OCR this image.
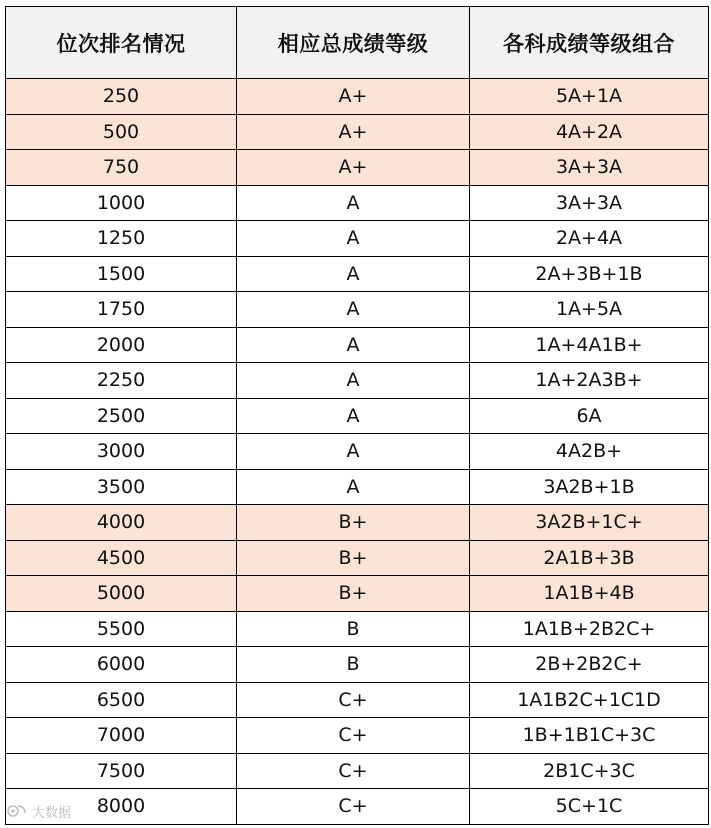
位次排名情况	相应总成绩等级	各科成绩等级组合
250	A+	5A+1A
500	A+	4A+2A
750	A+	3A+3A
1000	A	3A+3A
1250	A	2A+4A
1500	A	2A+3B+1B
1750	A	1A+5A
2000	A	1A+4A1B+
2250	A	1A+2A3B+
2500	A	6A
3000	A	4A2B+
3500	A	3A2B+1B
4000	B+	3A2B+1C+
4500	B+	2A1B+3B
5000	B+	1A1B+4B
5500	B	1A1B+2B2C+
6000	B	2B+2B2C+
6500	C+	1A1B2C+1C1D
7000	C+	1B+1B1C+3C
7500	C+	2B1C+3C
8000	C+	5C+1C
大数据
